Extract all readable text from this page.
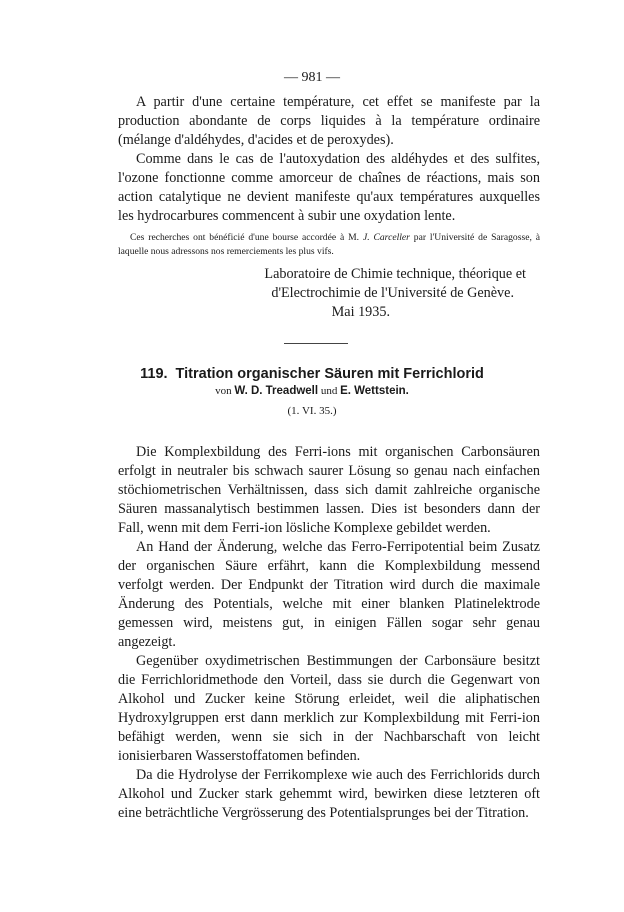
— 981 —

A partir d'une certaine température, cet effet se manifeste par la production abondante de corps liquides à la température ordinaire (mélange d'aldéhydes, d'acides et de peroxydes).

Comme dans le cas de l'autoxydation des aldéhydes et des sulfites, l'ozone fonctionne comme amorceur de chaînes de réactions, mais son action catalytique ne devient manifeste qu'aux températures auxquelles les hydrocarbures commencent à subir une oxydation lente.

Ces recherches ont bénéficié d'une bourse accordée à M. J. Carceller par l'Université de Saragosse, à laquelle nous adressons nos remerciements les plus vifs.
Laboratoire de Chimie technique, théorique et
d'Electrochimie de l'Université de Genève.
Mai 1935.
119. Titration organischer Säuren mit Ferrichlorid
von W. D. Treadwell und E. Wettstein.
(1. VI. 35.)

Die Komplexbildung des Ferri-ions mit organischen Carbonsäuren erfolgt in neutraler bis schwach saurer Lösung so genau nach einfachen stöchiometrischen Verhältnissen, dass sich damit zahlreiche organische Säuren massanalytisch bestimmen lassen. Dies ist besonders dann der Fall, wenn mit dem Ferri-ion lösliche Komplexe gebildet werden.

An Hand der Änderung, welche das Ferro-Ferripotential beim Zusatz der organischen Säure erfährt, kann die Komplexbildung messend verfolgt werden. Der Endpunkt der Titration wird durch die maximale Änderung des Potentials, welche mit einer blanken Platinelektrode gemessen wird, meistens gut, in einigen Fällen sogar sehr genau angezeigt.

Gegenüber oxydimetrischen Bestimmungen der Carbonsäure besitzt die Ferrichloridmethode den Vorteil, dass sie durch die Gegenwart von Alkohol und Zucker keine Störung erleidet, weil die aliphatischen Hydroxylgruppen erst dann merklich zur Komplexbildung mit Ferri-ion befähigt werden, wenn sie sich in der Nachbarschaft von leicht ionisierbaren Wasserstoffatomen befinden.

Da die Hydrolyse der Ferrikomplexe wie auch des Ferrichlorids durch Alkohol und Zucker stark gehemmt wird, bewirken diese letzteren oft eine beträchtliche Vergrösserung des Potentialsprunges bei der Titration.
